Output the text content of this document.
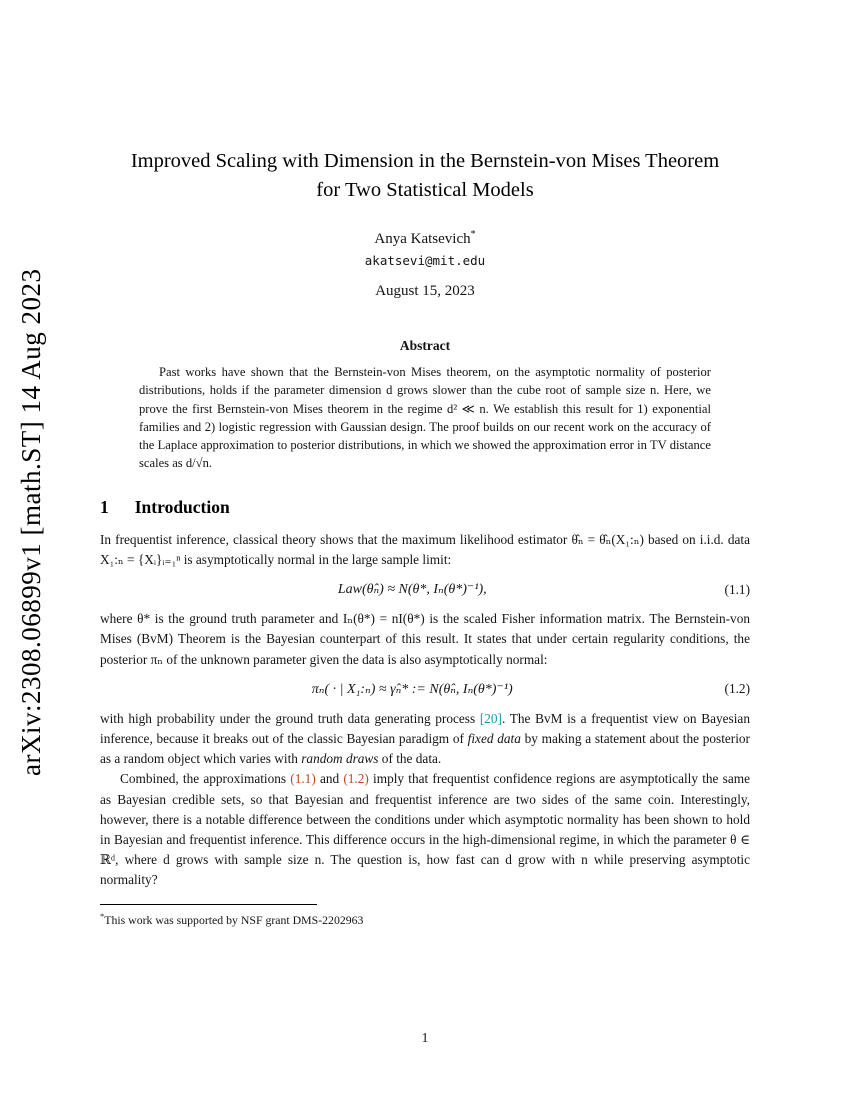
arXiv:2308.06899v1 [math.ST] 14 Aug 2023
Improved Scaling with Dimension in the Bernstein-von Mises Theorem for Two Statistical Models
Anya Katsevich*
akatsevi@mit.edu
August 15, 2023
Abstract

Past works have shown that the Bernstein-von Mises theorem, on the asymptotic normality of posterior distributions, holds if the parameter dimension d grows slower than the cube root of sample size n. Here, we prove the first Bernstein-von Mises theorem in the regime d² ≪ n. We establish this result for 1) exponential families and 2) logistic regression with Gaussian design. The proof builds on our recent work on the accuracy of the Laplace approximation to posterior distributions, in which we showed the approximation error in TV distance scales as d/√n.

1 Introduction

In frequentist inference, classical theory shows that the maximum likelihood estimator θ̂ₙ = θ̂ₙ(X₁:ₙ) based on i.i.d. data X₁:ₙ = {Xᵢ}ᵢ₌₁ⁿ is asymptotically normal in the large sample limit:

Law(θ̂ₙ) ≈ N(θ*, Iₙ(θ*)⁻¹),	(1.1)

where θ* is the ground truth parameter and Iₙ(θ*) = nI(θ*) is the scaled Fisher information matrix. The Bernstein-von Mises (BvM) Theorem is the Bayesian counterpart of this result. It states that under certain regularity conditions, the posterior πₙ of the unknown parameter given the data is also asymptotically normal:

πₙ( · | X₁:ₙ) ≈ γ̂ₙ* := N(θ̂ₙ, Iₙ(θ*)⁻¹)	(1.2)

with high probability under the ground truth data generating process [20]. The BvM is a frequentist view on Bayesian inference, because it breaks out of the classic Bayesian paradigm of fixed data by making a statement about the posterior as a random object which varies with random draws of the data.

Combined, the approximations (1.1) and (1.2) imply that frequentist confidence regions are asymptotically the same as Bayesian credible sets, so that Bayesian and frequentist inference are two sides of the same coin. Interestingly, however, there is a notable difference between the conditions under which asymptotic normality has been shown to hold in Bayesian and frequentist inference. This difference occurs in the high-dimensional regime, in which the parameter θ ∈ ℝᵈ, where d grows with sample size n. The question is, how fast can d grow with n while preserving asymptotic normality?

*This work was supported by NSF grant DMS-2202963

1
